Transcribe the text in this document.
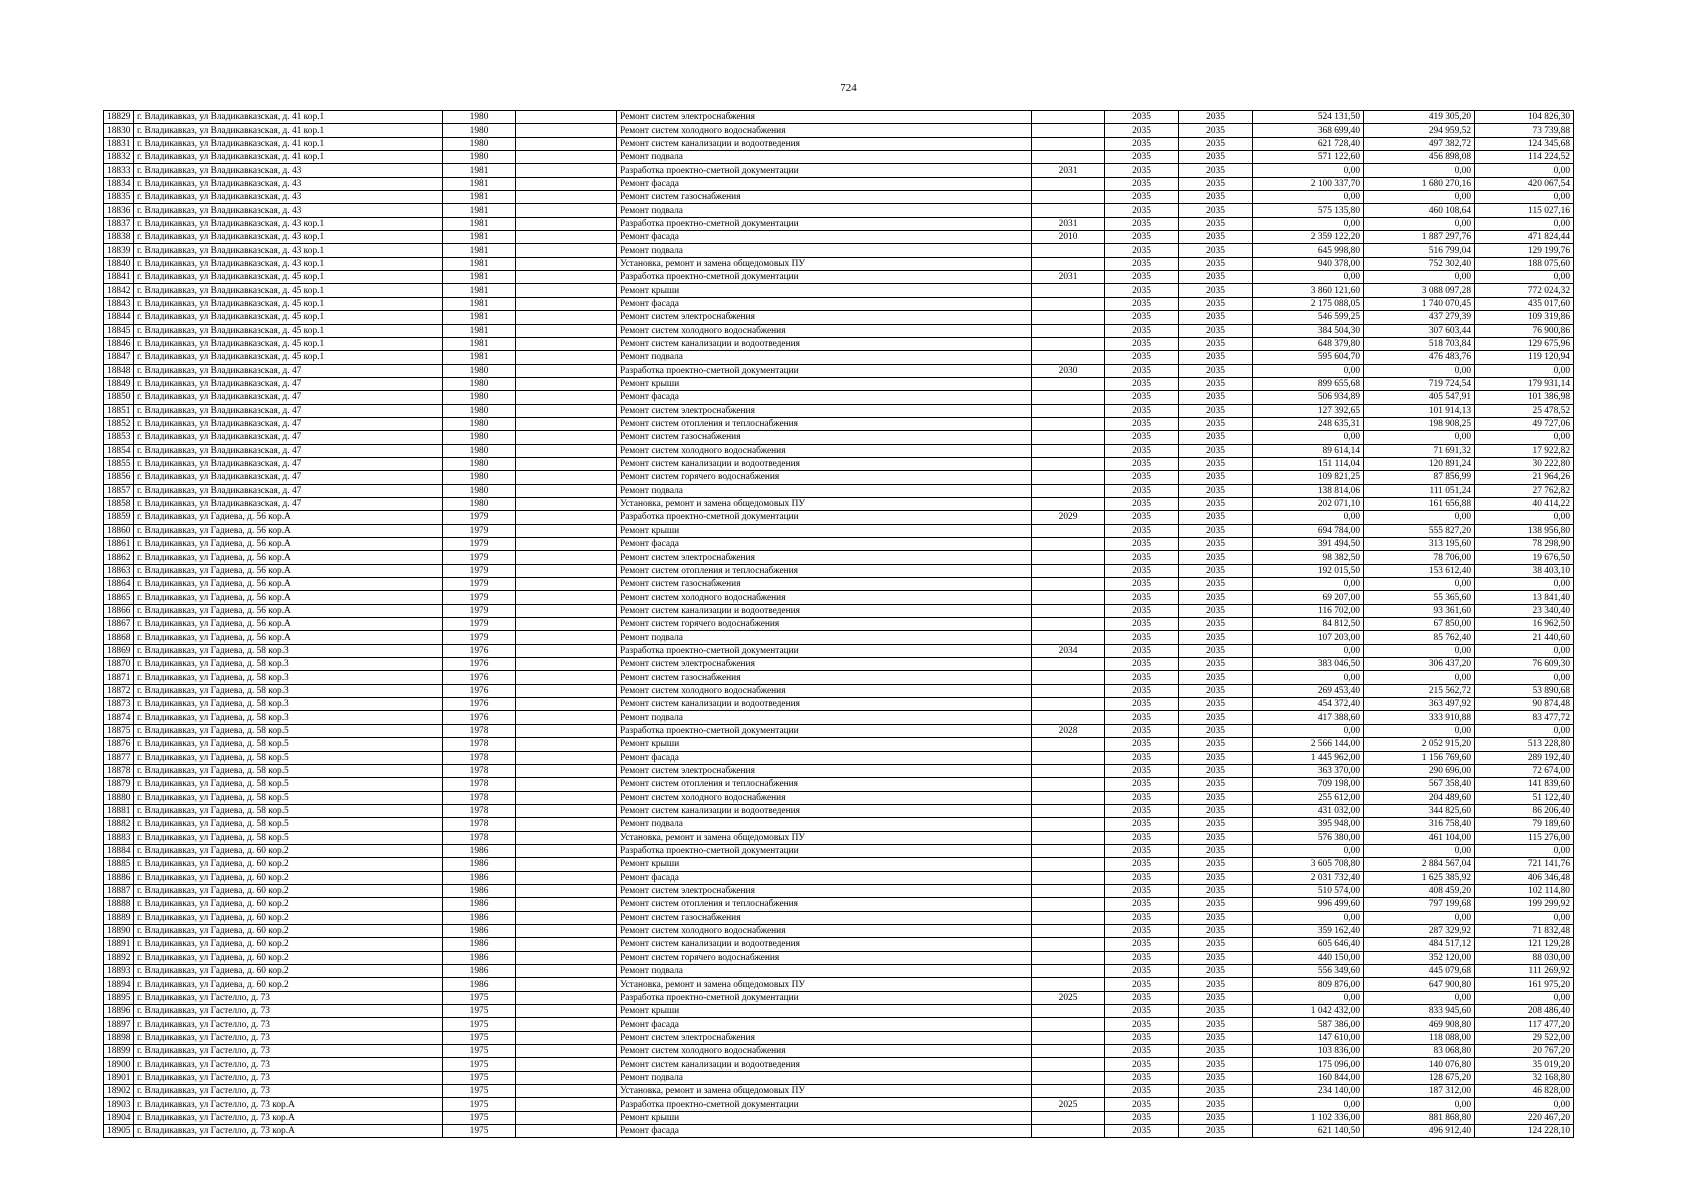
724
18829	г. Владикавказ, ул Владикавказская, д. 41 кор.1	1980		Ремонт систем электроснабжения		2035	2035	524 131,50	419 305,20	104 826,30
18830	г. Владикавказ, ул Владикавказская, д. 41 кор.1	1980		Ремонт систем холодного водоснабжения		2035	2035	368 699,40	294 959,52	73 739,88
18831	г. Владикавказ, ул Владикавказская, д. 41 кор.1	1980		Ремонт систем канализации и водоотведения		2035	2035	621 728,40	497 382,72	124 345,68
18832	г. Владикавказ, ул Владикавказская, д. 41 кор.1	1980		Ремонт подвала		2035	2035	571 122,60	456 898,08	114 224,52
18833	г. Владикавказ, ул Владикавказская, д. 43	1981		Разработка проектно-сметной документации	2031	2035	2035	0,00	0,00	0,00
18834	г. Владикавказ, ул Владикавказская, д. 43	1981		Ремонт фасада		2035	2035	2 100 337,70	1 680 270,16	420 067,54
18835	г. Владикавказ, ул Владикавказская, д. 43	1981		Ремонт систем газоснабжения		2035	2035	0,00	0,00	0,00
18836	г. Владикавказ, ул Владикавказская, д. 43	1981		Ремонт подвала		2035	2035	575 135,80	460 108,64	115 027,16
18837	г. Владикавказ, ул Владикавказская, д. 43 кор.1	1981		Разработка проектно-сметной документации	2031	2035	2035	0,00	0,00	0,00
18838	г. Владикавказ, ул Владикавказская, д. 43 кор.1	1981		Ремонт фасада	2010	2035	2035	2 359 122,20	1 887 297,76	471 824,44
18839	г. Владикавказ, ул Владикавказская, д. 43 кор.1	1981		Ремонт подвала		2035	2035	645 998,80	516 799,04	129 199,76
18840	г. Владикавказ, ул Владикавказская, д. 43 кор.1	1981		Установка, ремонт и замена общедомовых ПУ		2035	2035	940 378,00	752 302,40	188 075,60
18841	г. Владикавказ, ул Владикавказская, д. 45 кор.1	1981		Разработка проектно-сметной документации	2031	2035	2035	0,00	0,00	0,00
18842	г. Владикавказ, ул Владикавказская, д. 45 кор.1	1981		Ремонт крыши		2035	2035	3 860 121,60	3 088 097,28	772 024,32
18843	г. Владикавказ, ул Владикавказская, д. 45 кор.1	1981		Ремонт фасада		2035	2035	2 175 088,05	1 740 070,45	435 017,60
18844	г. Владикавказ, ул Владикавказская, д. 45 кор.1	1981		Ремонт систем электроснабжения		2035	2035	546 599,25	437 279,39	109 319,86
18845	г. Владикавказ, ул Владикавказская, д. 45 кор.1	1981		Ремонт систем холодного водоснабжения		2035	2035	384 504,30	307 603,44	76 900,86
18846	г. Владикавказ, ул Владикавказская, д. 45 кор.1	1981		Ремонт систем канализации и водоотведения		2035	2035	648 379,80	518 703,84	129 675,96
18847	г. Владикавказ, ул Владикавказская, д. 45 кор.1	1981		Ремонт подвала		2035	2035	595 604,70	476 483,76	119 120,94
18848	г. Владикавказ, ул Владикавказская, д. 47	1980		Разработка проектно-сметной документации	2030	2035	2035	0,00	0,00	0,00
18849	г. Владикавказ, ул Владикавказская, д. 47	1980		Ремонт крыши		2035	2035	899 655,68	719 724,54	179 931,14
18850	г. Владикавказ, ул Владикавказская, д. 47	1980		Ремонт фасада		2035	2035	506 934,89	405 547,91	101 386,98
18851	г. Владикавказ, ул Владикавказская, д. 47	1980		Ремонт систем электроснабжения		2035	2035	127 392,65	101 914,13	25 478,52
18852	г. Владикавказ, ул Владикавказская, д. 47	1980		Ремонт систем отопления и теплоснабжения		2035	2035	248 635,31	198 908,25	49 727,06
18853	г. Владикавказ, ул Владикавказская, д. 47	1980		Ремонт систем газоснабжения		2035	2035	0,00	0,00	0,00
18854	г. Владикавказ, ул Владикавказская, д. 47	1980		Ремонт систем холодного водоснабжения		2035	2035	89 614,14	71 691,32	17 922,82
18855	г. Владикавказ, ул Владикавказская, д. 47	1980		Ремонт систем канализации и водоотведения		2035	2035	151 114,04	120 891,24	30 222,80
18856	г. Владикавказ, ул Владикавказская, д. 47	1980		Ремонт систем горячего водоснабжения		2035	2035	109 821,25	87 856,99	21 964,26
18857	г. Владикавказ, ул Владикавказская, д. 47	1980		Ремонт подвала		2035	2035	138 814,06	111 051,24	27 762,82
18858	г. Владикавказ, ул Владикавказская, д. 47	1980		Установка, ремонт и замена общедомовых ПУ		2035	2035	202 071,10	161 656,88	40 414,22
18859	г. Владикавказ, ул Гадиева, д. 56 кор.А	1979		Разработка проектно-сметной документации	2029	2035	2035	0,00	0,00	0,00
18860	г. Владикавказ, ул Гадиева, д. 56 кор.А	1979		Ремонт крыши		2035	2035	694 784,00	555 827,20	138 956,80
18861	г. Владикавказ, ул Гадиева, д. 56 кор.А	1979		Ремонт фасада		2035	2035	391 494,50	313 195,60	78 298,90
18862	г. Владикавказ, ул Гадиева, д. 56 кор.А	1979		Ремонт систем электроснабжения		2035	2035	98 382,50	78 706,00	19 676,50
18863	г. Владикавказ, ул Гадиева, д. 56 кор.А	1979		Ремонт систем отопления и теплоснабжения		2035	2035	192 015,50	153 612,40	38 403,10
18864	г. Владикавказ, ул Гадиева, д. 56 кор.А	1979		Ремонт систем газоснабжения		2035	2035	0,00	0,00	0,00
18865	г. Владикавказ, ул Гадиева, д. 56 кор.А	1979		Ремонт систем холодного водоснабжения		2035	2035	69 207,00	55 365,60	13 841,40
18866	г. Владикавказ, ул Гадиева, д. 56 кор.А	1979		Ремонт систем канализации и водоотведения		2035	2035	116 702,00	93 361,60	23 340,40
18867	г. Владикавказ, ул Гадиева, д. 56 кор.А	1979		Ремонт систем горячего водоснабжения		2035	2035	84 812,50	67 850,00	16 962,50
18868	г. Владикавказ, ул Гадиева, д. 56 кор.А	1979		Ремонт подвала		2035	2035	107 203,00	85 762,40	21 440,60
18869	г. Владикавказ, ул Гадиева, д. 58 кор.3	1976		Разработка проектно-сметной документации	2034	2035	2035	0,00	0,00	0,00
18870	г. Владикавказ, ул Гадиева, д. 58 кор.3	1976		Ремонт систем электроснабжения		2035	2035	383 046,50	306 437,20	76 609,30
18871	г. Владикавказ, ул Гадиева, д. 58 кор.3	1976		Ремонт систем газоснабжения		2035	2035	0,00	0,00	0,00
18872	г. Владикавказ, ул Гадиева, д. 58 кор.3	1976		Ремонт систем холодного водоснабжения		2035	2035	269 453,40	215 562,72	53 890,68
18873	г. Владикавказ, ул Гадиева, д. 58 кор.3	1976		Ремонт систем канализации и водоотведения		2035	2035	454 372,40	363 497,92	90 874,48
18874	г. Владикавказ, ул Гадиева, д. 58 кор.3	1976		Ремонт подвала		2035	2035	417 388,60	333 910,88	83 477,72
18875	г. Владикавказ, ул Гадиева, д. 58 кор.5	1978		Разработка проектно-сметной документации	2028	2035	2035	0,00	0,00	0,00
18876	г. Владикавказ, ул Гадиева, д. 58 кор.5	1978		Ремонт крыши		2035	2035	2 566 144,00	2 052 915,20	513 228,80
18877	г. Владикавказ, ул Гадиева, д. 58 кор.5	1978		Ремонт фасада		2035	2035	1 445 962,00	1 156 769,60	289 192,40
18878	г. Владикавказ, ул Гадиева, д. 58 кор.5	1978		Ремонт систем электроснабжения		2035	2035	363 370,00	290 696,00	72 674,00
18879	г. Владикавказ, ул Гадиева, д. 58 кор.5	1978		Ремонт систем отопления и теплоснабжения		2035	2035	709 198,00	567 358,40	141 839,60
18880	г. Владикавказ, ул Гадиева, д. 58 кор.5	1978		Ремонт систем холодного водоснабжения		2035	2035	255 612,00	204 489,60	51 122,40
18881	г. Владикавказ, ул Гадиева, д. 58 кор.5	1978		Ремонт систем канализации и водоотведения		2035	2035	431 032,00	344 825,60	86 206,40
18882	г. Владикавказ, ул Гадиева, д. 58 кор.5	1978		Ремонт подвала		2035	2035	395 948,00	316 758,40	79 189,60
18883	г. Владикавказ, ул Гадиева, д. 58 кор.5	1978		Установка, ремонт и замена общедомовых ПУ		2035	2035	576 380,00	461 104,00	115 276,00
18884	г. Владикавказ, ул Гадиева, д. 60 кор.2	1986		Разработка проектно-сметной документации		2035	2035	0,00	0,00	0,00
18885	г. Владикавказ, ул Гадиева, д. 60 кор.2	1986		Ремонт крыши		2035	2035	3 605 708,80	2 884 567,04	721 141,76
18886	г. Владикавказ, ул Гадиева, д. 60 кор.2	1986		Ремонт фасада		2035	2035	2 031 732,40	1 625 385,92	406 346,48
18887	г. Владикавказ, ул Гадиева, д. 60 кор.2	1986		Ремонт систем электроснабжения		2035	2035	510 574,00	408 459,20	102 114,80
18888	г. Владикавказ, ул Гадиева, д. 60 кор.2	1986		Ремонт систем отопления и теплоснабжения		2035	2035	996 499,60	797 199,68	199 299,92
18889	г. Владикавказ, ул Гадиева, д. 60 кор.2	1986		Ремонт систем газоснабжения		2035	2035	0,00	0,00	0,00
18890	г. Владикавказ, ул Гадиева, д. 60 кор.2	1986		Ремонт систем холодного водоснабжения		2035	2035	359 162,40	287 329,92	71 832,48
18891	г. Владикавказ, ул Гадиева, д. 60 кор.2	1986		Ремонт систем канализации и водоотведения		2035	2035	605 646,40	484 517,12	121 129,28
18892	г. Владикавказ, ул Гадиева, д. 60 кор.2	1986		Ремонт систем горячего водоснабжения		2035	2035	440 150,00	352 120,00	88 030,00
18893	г. Владикавказ, ул Гадиева, д. 60 кор.2	1986		Ремонт подвала		2035	2035	556 349,60	445 079,68	111 269,92
18894	г. Владикавказ, ул Гадиева, д. 60 кор.2	1986		Установка, ремонт и замена общедомовых ПУ		2035	2035	809 876,00	647 900,80	161 975,20
18895	г. Владикавказ, ул Гастелло, д. 73	1975		Разработка проектно-сметной документации	2025	2035	2035	0,00	0,00	0,00
18896	г. Владикавказ, ул Гастелло, д. 73	1975		Ремонт крыши		2035	2035	1 042 432,00	833 945,60	208 486,40
18897	г. Владикавказ, ул Гастелло, д. 73	1975		Ремонт фасада		2035	2035	587 386,00	469 908,80	117 477,20
18898	г. Владикавказ, ул Гастелло, д. 73	1975		Ремонт систем электроснабжения		2035	2035	147 610,00	118 088,00	29 522,00
18899	г. Владикавказ, ул Гастелло, д. 73	1975		Ремонт систем холодного водоснабжения		2035	2035	103 836,00	83 068,80	20 767,20
18900	г. Владикавказ, ул Гастелло, д. 73	1975		Ремонт систем канализации и водоотведения		2035	2035	175 096,00	140 076,80	35 019,20
18901	г. Владикавказ, ул Гастелло, д. 73	1975		Ремонт подвала		2035	2035	160 844,00	128 675,20	32 168,80
18902	г. Владикавказ, ул Гастелло, д. 73	1975		Установка, ремонт и замена общедомовых ПУ		2035	2035	234 140,00	187 312,00	46 828,00
18903	г. Владикавказ, ул Гастелло, д. 73 кор.А	1975		Разработка проектно-сметной документации	2025	2035	2035	0,00	0,00	0,00
18904	г. Владикавказ, ул Гастелло, д. 73 кор.А	1975		Ремонт крыши		2035	2035	1 102 336,00	881 868,80	220 467,20
18905	г. Владикавказ, ул Гастелло, д. 73 кор.А	1975		Ремонт фасада		2035	2035	621 140,50	496 912,40	124 228,10
